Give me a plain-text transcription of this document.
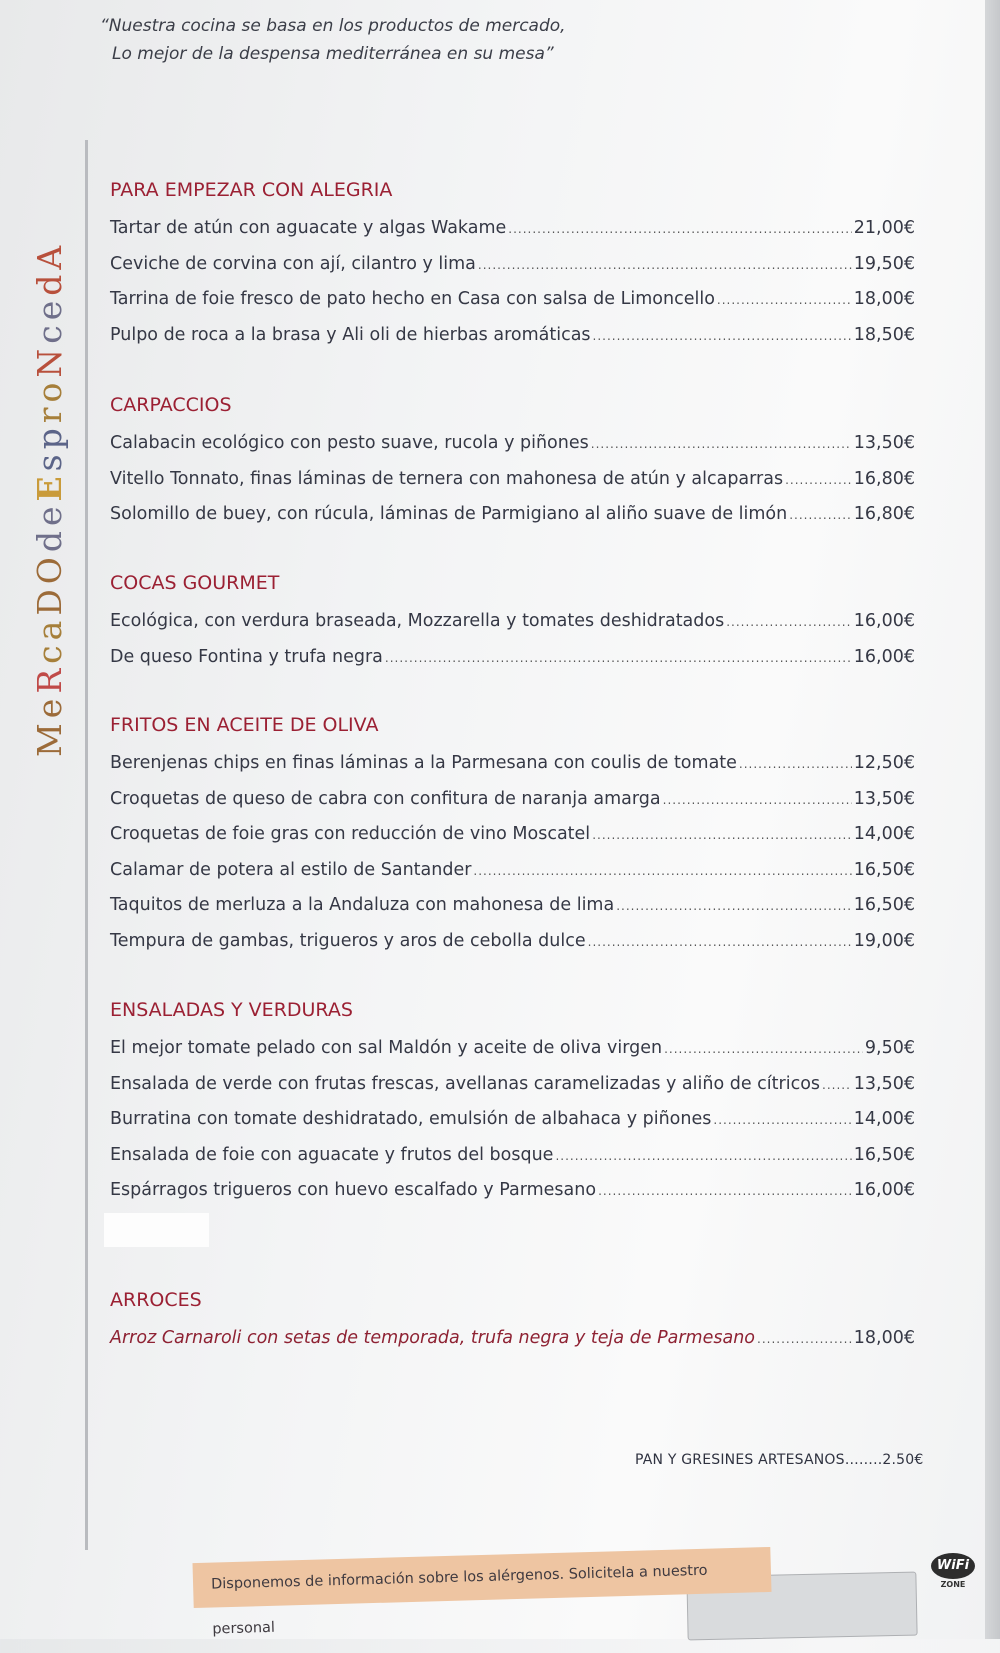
“Nuestra cocina se basa en los productos de mercado,
Lo mejor de la despensa mediterránea en su mesa”
MeRcaDOdeEsproNcedA
PARA EMPEZAR CON ALEGRIA
Tartar de atún con aguacate y algas Wakame .....	21,00€
Ceviche de corvina con ají, cilantro y lima .....	19,50€
Tarrina de foie fresco de pato hecho en Casa con salsa de Limoncello .....	18,00€
Pulpo de roca a la brasa y Ali oli de hierbas aromáticas .....	18,50€
CARPACCIOS
Calabacin ecológico con pesto suave, rucola y piñones .....	13,50€
Vitello Tonnato, finas láminas de ternera con mahonesa de atún y alcaparras .....	16,80€
Solomillo de buey, con rúcula, láminas de Parmigiano al aliño suave de limón .....	16,80€
COCAS GOURMET
Ecológica, con verdura braseada, Mozzarella y tomates deshidratados .....	16,00€
De queso Fontina y trufa negra .....	16,00€
FRITOS EN ACEITE DE OLIVA
Berenjenas chips en finas láminas a la Parmesana con coulis de tomate .....	12,50€
Croquetas de queso de cabra con confitura de naranja amarga .....	13,50€
Croquetas de foie gras con reducción de vino Moscatel .....	14,00€
Calamar de potera al estilo de Santander .....	16,50€
Taquitos de merluza a la Andaluza con mahonesa de lima .....	16,50€
Tempura de gambas, trigueros y aros de cebolla dulce .....	19,00€
ENSALADAS Y VERDURAS
El mejor tomate pelado con sal Maldón y aceite de oliva virgen .....	9,50€
Ensalada de verde con frutas frescas, avellanas caramelizadas y aliño de cítricos ..... 13,50€
Burratina con tomate deshidratado, emulsión de albahaca y piñones .....	14,00€
Ensalada de foie con aguacate y frutos del bosque .....	16,50€
Espárragos trigueros con huevo escalfado y Parmesano .....	16,00€
ARROCES
Arroz Carnaroli con setas de temporada, trufa negra y teja de Parmesano .....	18,00€
PAN Y GRESINES ARTESANOS……..2.50€
Disponemos de información sobre los alérgenos. Solicitela a nuestro personal
WiFi
ZONE
